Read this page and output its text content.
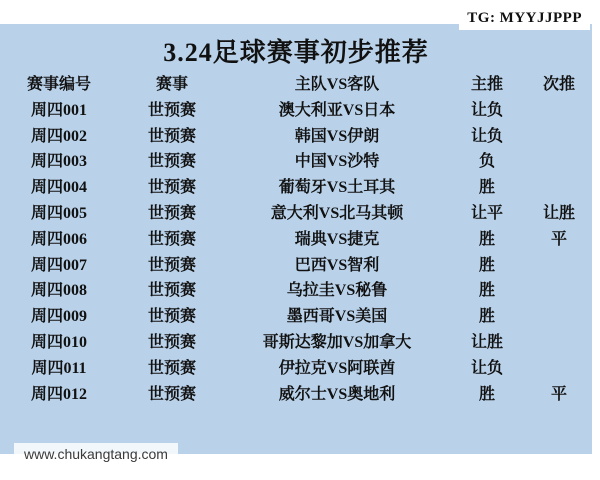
TG: MYYJJPPP
3.24足球赛事初步推荐
赛事编号	赛事	主队VS客队	主推	次推
周四001	世预赛	澳大利亚VS日本	让负	
周四002	世预赛	韩国VS伊朗	让负	
周四003	世预赛	中国VS沙特	负	
周四004	世预赛	葡萄牙VS土耳其	胜	
周四005	世预赛	意大利VS北马其顿	让平	让胜
周四006	世预赛	瑞典VS捷克	胜	平
周四007	世预赛	巴西VS智利	胜	
周四008	世预赛	乌拉圭VS秘鲁	胜	
周四009	世预赛	墨西哥VS美国	胜	
周四010	世预赛	哥斯达黎加VS加拿大	让胜	
周四011	世预赛	伊拉克VS阿联酋	让负	
周四012	世预赛	威尔士VS奥地利	胜	平
www.chukangtang.com
